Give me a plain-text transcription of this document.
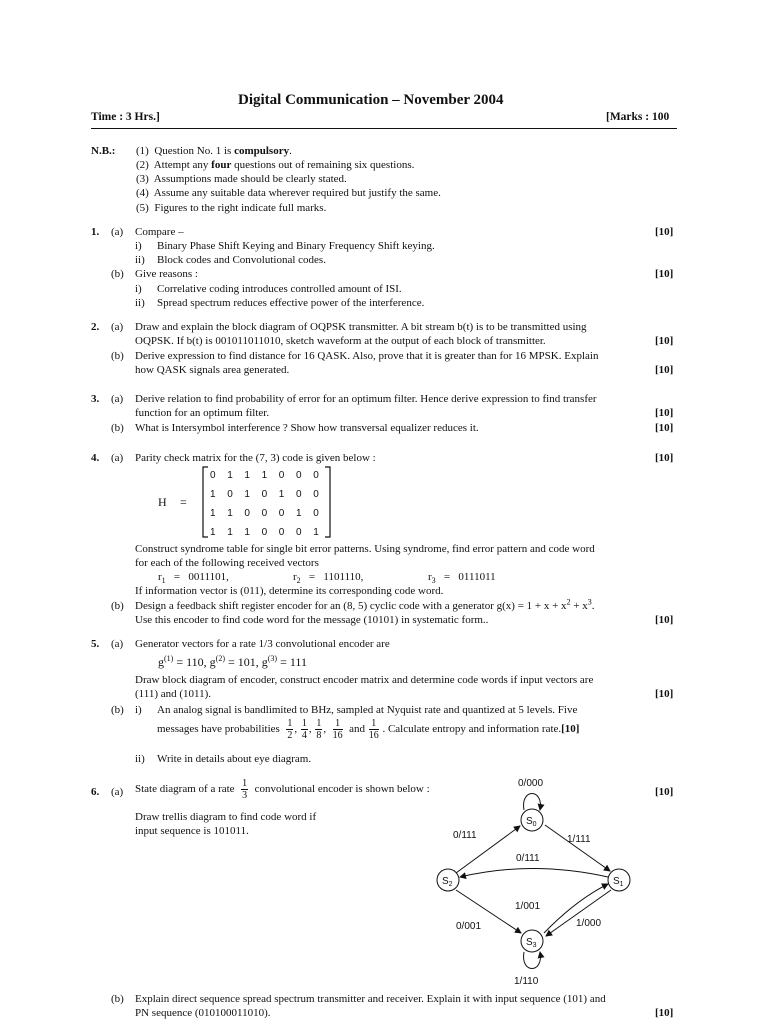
Digital Communication – November 2004
Time : 3 Hrs.]	[Marks : 100
N.B.: (1) Question No. 1 is compulsory.
(2) Attempt any four questions out of remaining six questions.
(3) Assumptions made should be clearly stated.
(4) Assume any suitable data wherever required but justify the same.
(5) Figures to the right indicate full marks.
1. (a) Compare –	[10]
i) Binary Phase Shift Keying and Binary Frequency Shift keying.
ii) Block codes and Convolutional codes.
(b) Give reasons :	[10]
i) Correlative coding introduces controlled amount of ISI.
ii) Spread spectrum reduces effective power of the interference.
2. (a) Draw and explain the block diagram of OQPSK transmitter. A bit stream b(t) is to be transmitted using
OQPSK. If b(t) is 001011011010, sketch waveform at the output of each block of transmitter.	[10]
(b) Derive expression to find distance for 16 QASK. Also, prove that it is greater than for 16 MPSK. Explain
how QASK signals area generated.	[10]
3. (a) Derive relation to find probability of error for an optimum filter. Hence derive expression to find transfer
function for an optimum filter.	[10]
(b) What is Intersymbol interference ? Show how transversal equalizer reduces it.	[10]
4. (a) Parity check matrix for the (7, 3) code is given below :	[10]
H =
0 1 1 1 0 0 0
1 0 1 0 1 0 0
1 1 0 0 0 1 0
1 1 1 0 0 0 1
Construct syndrome table for single bit error patterns. Using syndrome, find error pattern and code word
for each of the following received vectors
$r_1 = 0011101$,	$r_2 = 1101110$,	$r_3 = 0111011$
If information vector is (011), determine its corresponding code word.
(b) Design a feedback shift register encoder for an (8, 5) cyclic code with a generator $g(x) = 1 + x + x^2 + x^3$.
Use this encoder to find code word for the message (10101) in systematic form..	[10]
5. (a) Generator vectors for a rate 1/3 convolutional encoder are
$g^{(1)} = 110$, $g^{(2)} = 101$, $g^{(3)} = 111$
Draw block diagram of encoder, construct encoder matrix and determine code words if input vectors are
(111) and (1011).	[10]
(b) i) An analog signal is bandlimited to BHz, sampled at Nyquist rate and quantized at 5 levels. Five
messages have probabilities $\frac{1}{2}$ , $\frac{1}{4}$ , $\frac{1}{8}$ , $\frac{1}{16}$ and $\frac{1}{16}$ . Calculate entropy and information rate.[10]
ii) Write in details about eye diagram.
6. (a) State diagram of a rate $\frac{1}{3}$ convolutional encoder is shown below :	[10]
Draw trellis diagram to find code word if
input sequence is 101011.
$S_0$
$S_2$	$S_1$
$S_3$
0/000
0/111	1/111
0/111
0/001
1/001
1/000
1/110
(b) Explain direct sequence spread spectrum transmitter and receiver. Explain it with input sequence (101) and
PN sequence (010100011010).	[10]
